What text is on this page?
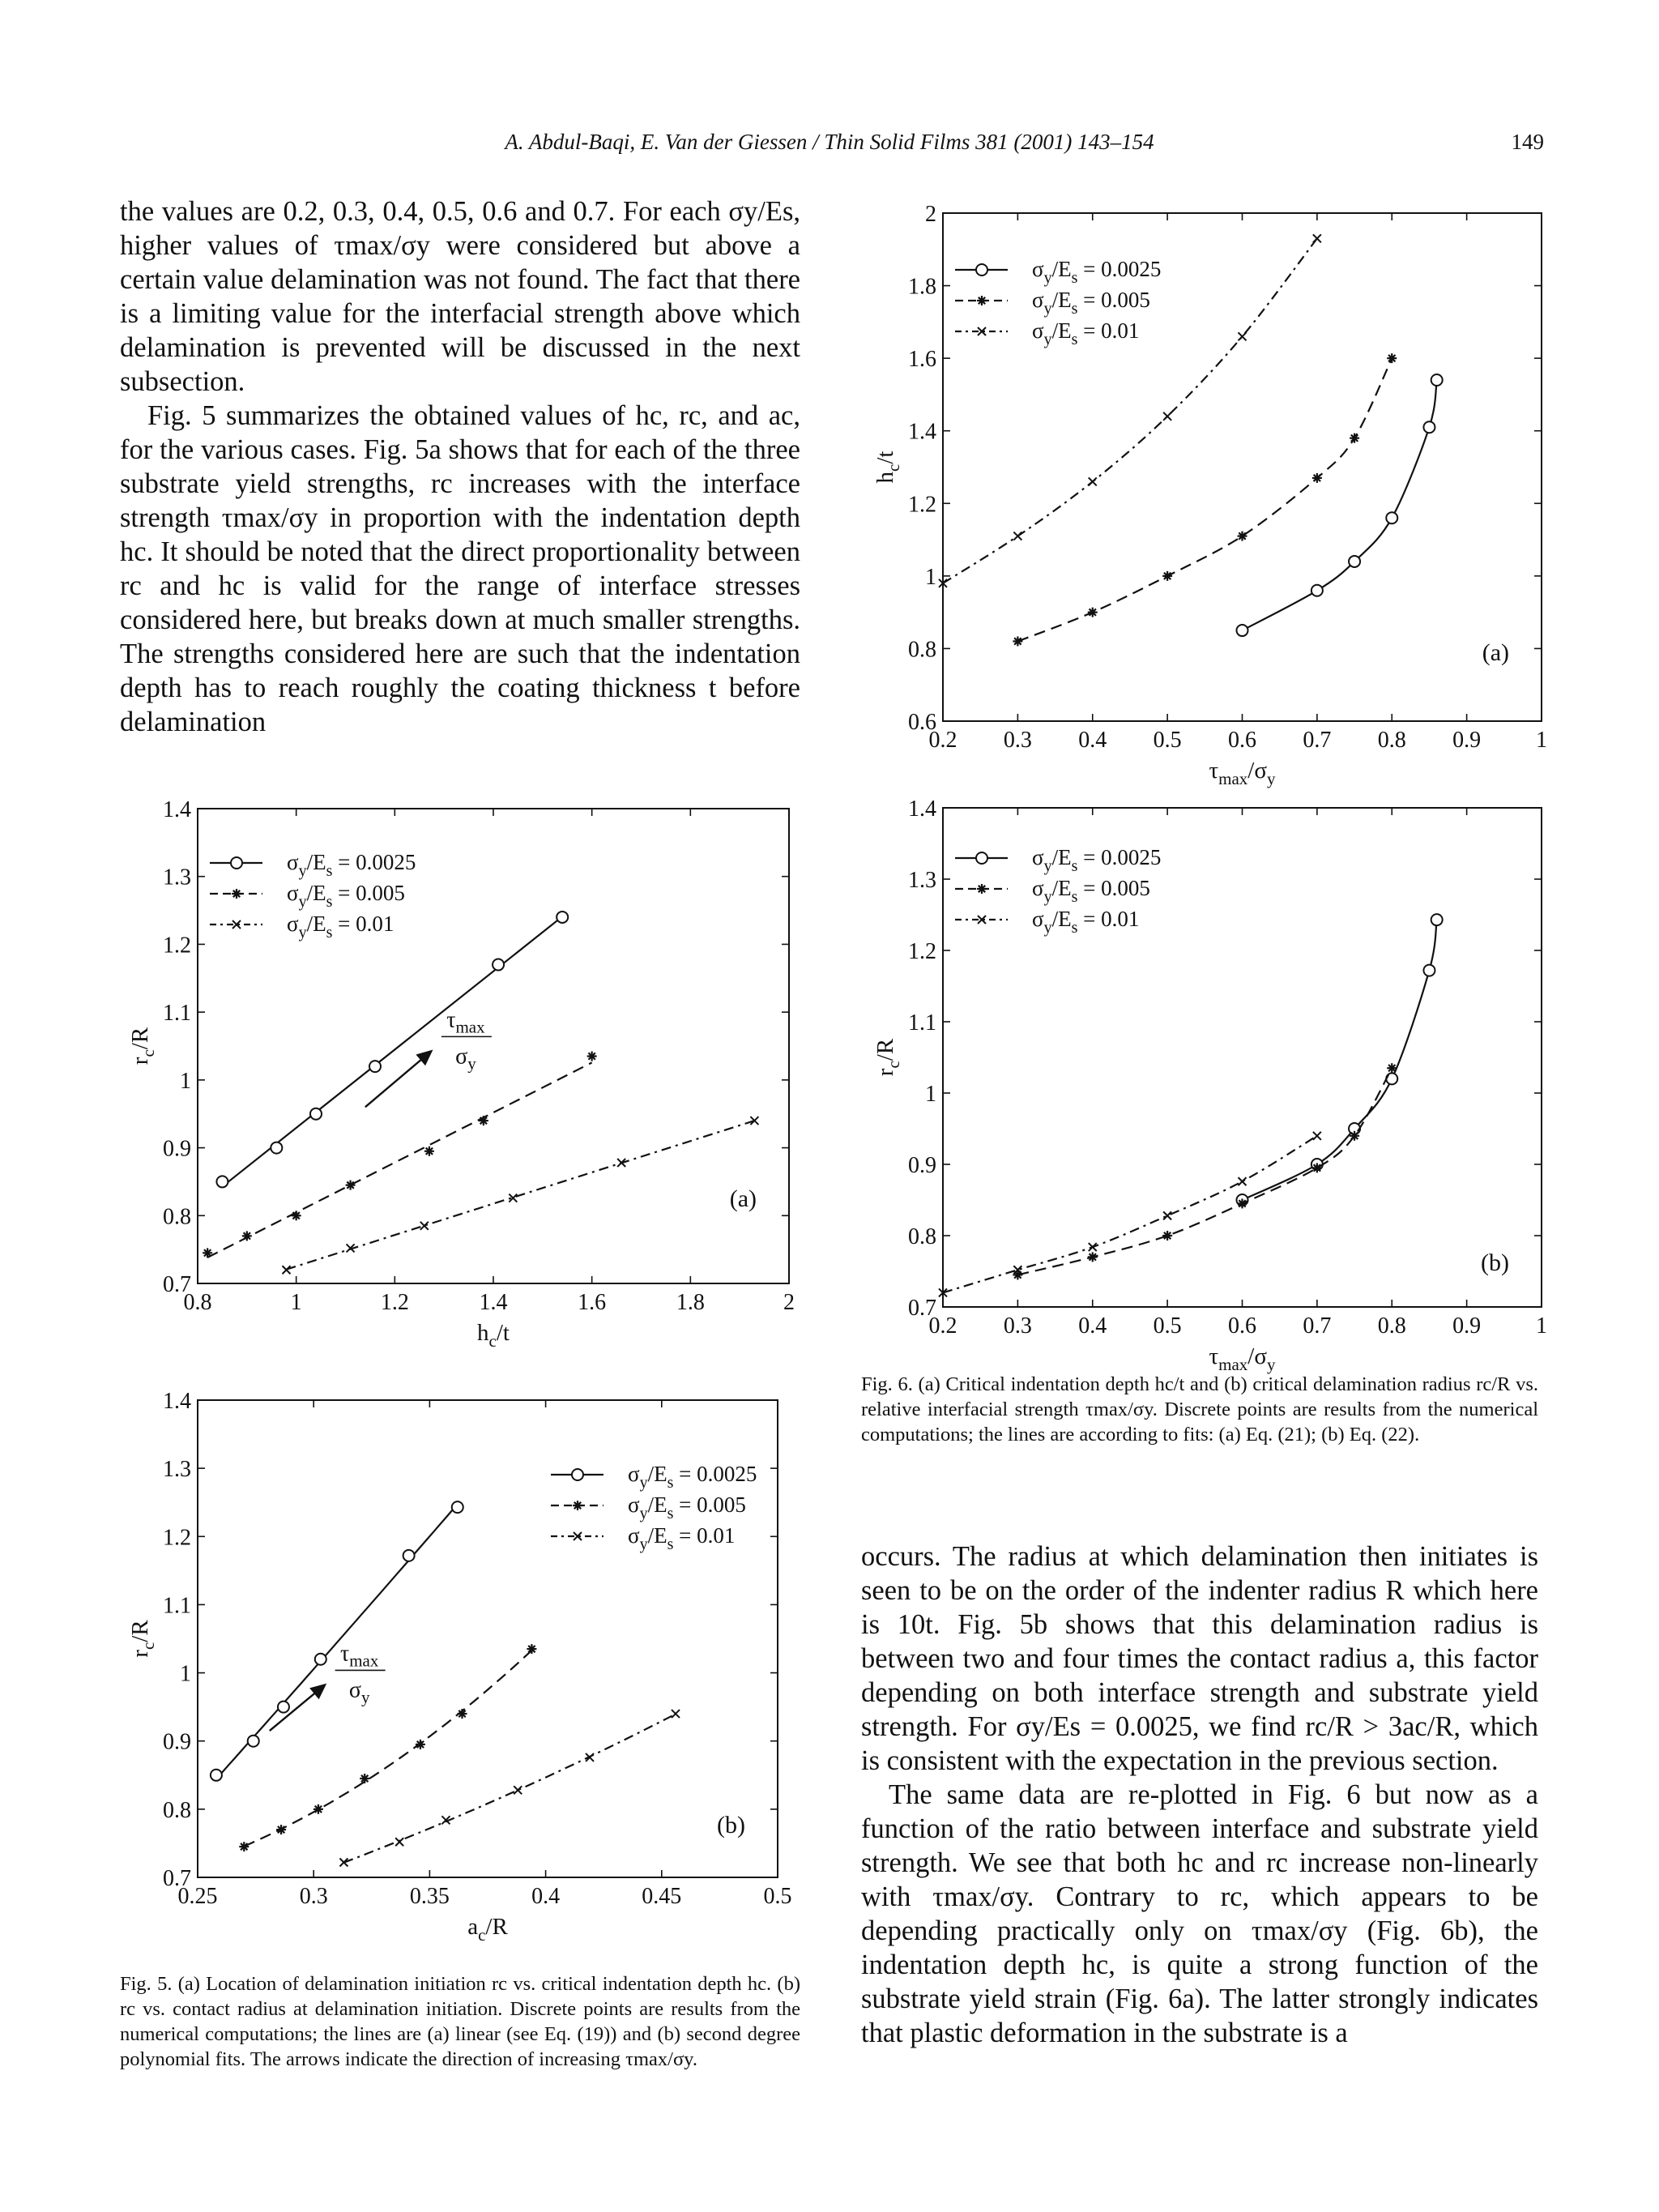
A. Abdul-Baqi, E. Van der Giessen / Thin Solid Films 381 (2001) 143–154	149

the values are 0.2, 0.3, 0.4, 0.5, 0.6 and 0.7. For each σy/Es, higher values of τmax/σy were considered but above a certain value delamination was not found. The fact that there is a limiting value for the interfacial strength above which delamination is prevented will be discussed in the next subsection.

Fig. 5 summarizes the obtained values of hc, rc, and ac, for the various cases. Fig. 5a shows that for each of the three substrate yield strengths, rc increases with the interface strength τmax/σy in proportion with the indentation depth hc. It should be noted that the direct proportionality between rc and hc is valid for the range of interface stresses considered here, but breaks down at much smaller strengths. The strengths considered here are such that the indentation depth has to reach roughly the coating thickness t before delamination

occurs. The radius at which delamination then initiates is seen to be on the order of the indenter radius R which here is 10t. Fig. 5b shows that this delamination radius is between two and four times the contact radius a, this factor depending on both interface strength and substrate yield strength. For σy/Es = 0.0025, we find rc/R > 3ac/R, which is consistent with the expectation in the previous section.

The same data are re-plotted in Fig. 6 but now as a function of the ratio between interface and substrate yield strength. We see that both hc and rc increase non-linearly with τmax/σy. Contrary to rc, which appears to be depending practically only on τmax/σy (Fig. 6b), the indentation depth hc, is quite a strong function of the substrate yield strain (Fig. 6a). The latter strongly indicates that plastic deformation in the substrate is a

0.2 0.3 0.4 0.5 0.6 0.7 0.8 0.9 1
0.6
0.8
1
1.2
1.4
1.6
1.8
2
$\tau_{max}/\sigma_y$
$h_c/t$
(a)
$\sigma_y/E_s = 0.0025$
$\sigma_y/E_s = 0.005$
$\sigma_y/E_s = 0.01$
0.2 0.3 0.4 0.5 0.6 0.7 0.8 0.9 1
0.7
0.8
0.9
1
1.1
1.2
1.3
1.4
$\tau_{max}/\sigma_y$
$r_c/R$
(b)
$\sigma_y/E_s = 0.0025$
$\sigma_y/E_s = 0.005$
$\sigma_y/E_s = 0.01$
0.8	1	1.2	1.4	1.6	1.8	2
0.7
0.8
0.9
1
1.1
1.2
1.3
1.4
$h_c/t$
$r_c/R$
(a)
$\sigma_y/E_s = 0.0025$
$\sigma_y/E_s = 0.005$
$\sigma_y/E_s = 0.01$
$\tau_{max}$
$\sigma_y$
0.25	0.3	0.35	0.4	0.45	0.5
0.7
0.8
0.9
1
1.1
1.2
1.3
1.4
$a_c/R$
$r_c/R$
(b)
$\sigma_y/E_s = 0.0025$
$\sigma_y/E_s = 0.005$
$\sigma_y/E_s = 0.01$
$\tau_{max}$
$\sigma_y$
Fig. 6. (a) Critical indentation depth hc/t and (b) critical delamination radius rc/R vs. relative interfacial strength τmax/σy. Discrete points are results from the numerical computations; the lines are according to fits: (a) Eq. (21); (b) Eq. (22).
Fig. 5. (a) Location of delamination initiation rc vs. critical indentation depth hc. (b) rc vs. contact radius at delamination initiation. Discrete points are results from the numerical computations; the lines are (a) linear (see Eq. (19)) and (b) second degree polynomial fits. The arrows indicate the direction of increasing τmax/σy.
